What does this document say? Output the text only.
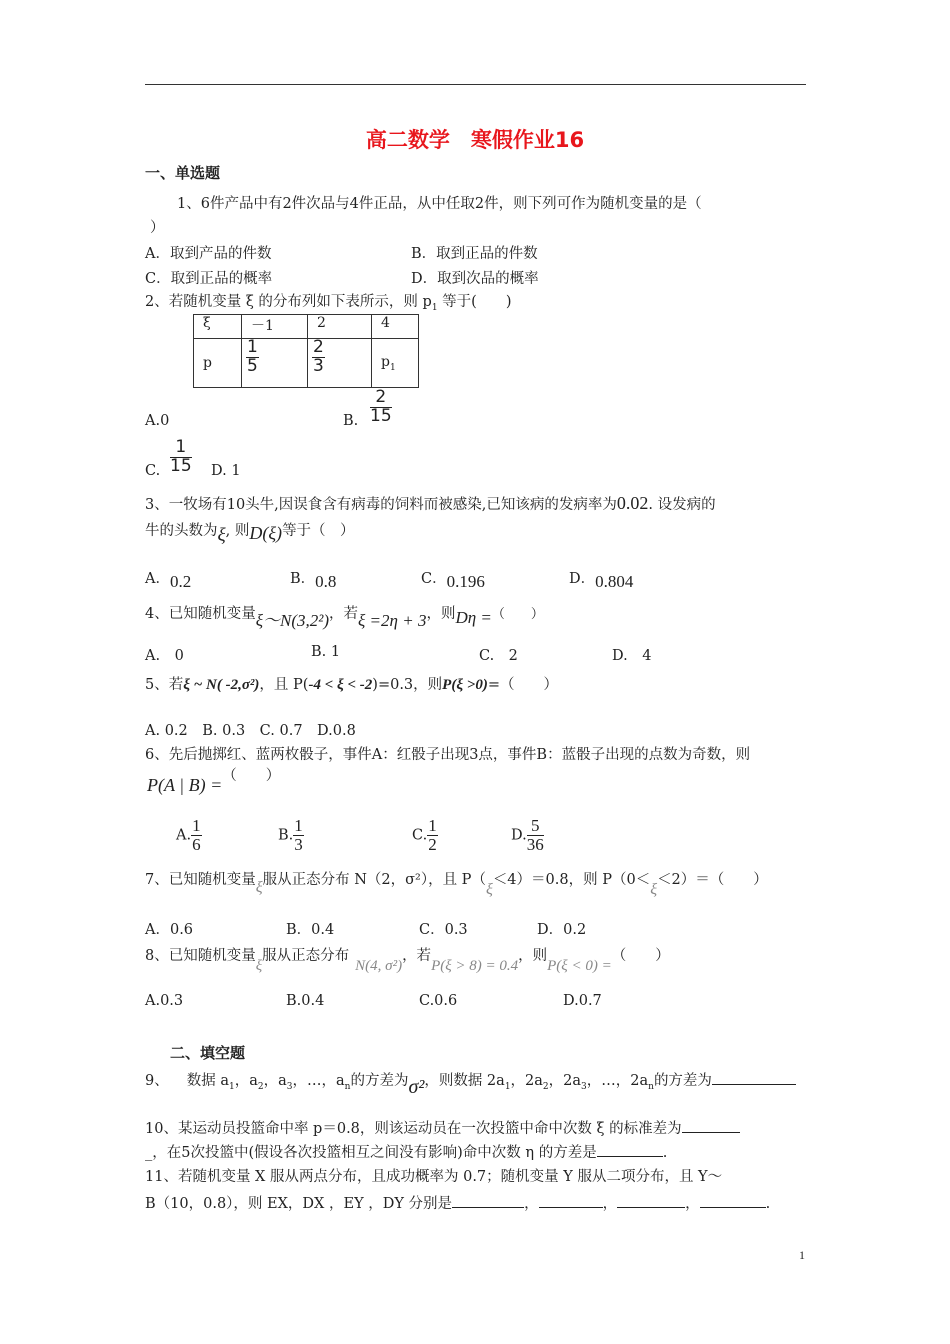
高二数学　寒假作业16
一、单选题
1、6件产品中有2件次品与4件正品，从中任取2件，则下列可作为随机变量的是（
）
A．取到产品的件数	B．取到正品的件数
C．取到正品的概率	D．取到次品的概率
2、若随机变量 ξ 的分布列如下表所示，则 $p_1$ 等于(　　)
ξ	－1	2	4
p	$\frac{1}{5}$	$\frac{2}{3}$	$p_1$
A.0	B. $\frac{2}{15}$
C. $\frac{1}{15} D$. 1
3、一牧场有10头牛,因误食含有病毒的饲料而被感染,已知该病的发病率为0.02. 设发病的
牛的头数为ξ, 则D(ξ)等于（　）
A．0.2	B．0.8	C．0.196	D．0.804
4、已知随机变量ξ～N(3,2²)，若ξ =2η + 3，则Dη =（　　）
A.　0	B. 1	C.　2	D.　4
5、若ξ ~ N( -2,σ²)，且 P(-4 < ξ < -2)=0.3，则P(ξ >0)=（　　）
A. 0.2　B. 0.3　C. 0.7　D.0.8
6、先后抛掷红、蓝两枚骰子，事件A：红骰子出现3点，事件B：蓝骰子出现的点数为奇数，则
P(A | B) =（　　）
A. $\frac{1}{6}$	B. $\frac{1}{3}$	C. $\frac{1}{2}$	D. $\frac{5}{36}$
7、已知随机变量ξ服从正态分布 N（2，σ²），且 P（ξ＜4）＝0.8，则 P（0＜ξ＜2）＝（　　）
A．0.6	B．0.4	C．0.3	D．0.2
8、已知随机变量ξ服从正态分布N(4, σ²)，若P(ξ > 8) = 0.4，则P(ξ < 0) =（　　）
A.0.3	B.0.4	C.0.6	D.0.7
二、填空题
9、 数据 $a_1$，$a_2$，$a_3$，…，$a_n$的方差为σ²，则数据 $2a_1$，$2a_2$，$2a_3$，…，$2a_n$的方差为
10、某运动员投篮命中率 p＝0.8，则该运动员在一次投篮中命中次数 ξ 的标准差为
_，在5次投篮中(假设各次投篮相互之间没有影响)命中次数 η 的方差是	.
11、若随机变量 X 服从两点分布，且成功概率为 0.7；随机变量 Y 服从二项分布，且 Y～
B（10，0.8），则 EX，DX ，EY ，DY 分别是	，	，	，	.
1
